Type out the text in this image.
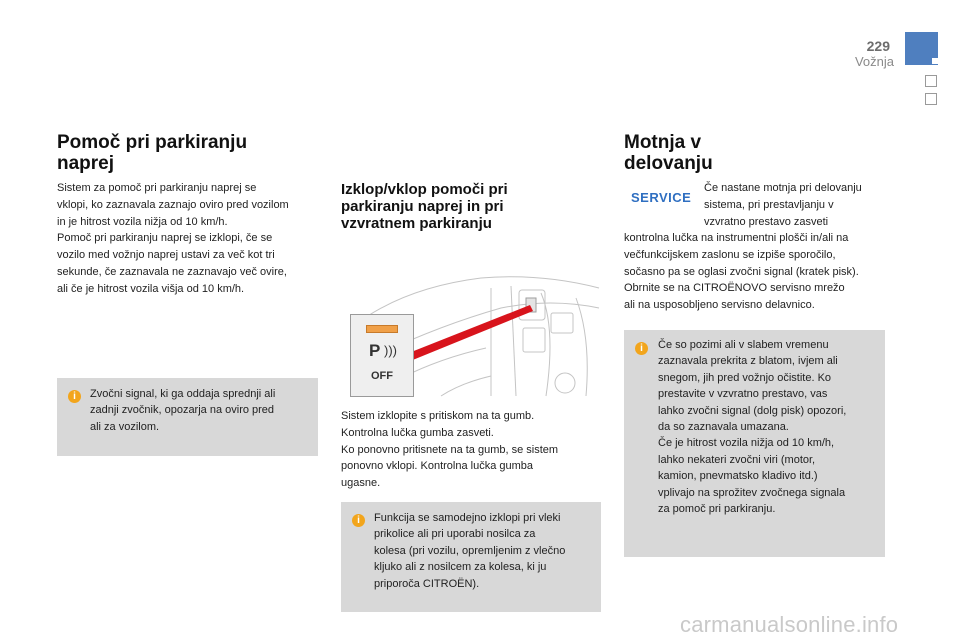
229
Vožnja
Pomoč pri parkiranju
naprej
Sistem za pomoč pri parkiranju naprej se
vklopi, ko zaznavala zaznajo oviro pred vozilom
in je hitrost vozila nižja od 10 km/h.
Pomoč pri parkiranju naprej se izklopi, če se
vozilo med vožnjo naprej ustavi za več kot tri
sekunde, če zaznavala ne zaznavajo več ovire,
ali če je hitrost vozila višja od 10 km/h.
i	Zvočni signal, ki ga oddaja sprednji ali
zadnji zvočnik, opozarja na oviro pred
ali za vozilom.
Izklop/vklop pomoči pri
parkiranju naprej in pri
vzvratnem parkiranju
P )))
OFF
Sistem izklopite s pritiskom na ta gumb.
Kontrolna lučka gumba zasveti.
Ko ponovno pritisnete na ta gumb, se sistem
ponovno vklopi. Kontrolna lučka gumba
ugasne.
i	Funkcija se samodejno izklopi pri vleki
prikolice ali pri uporabi nosilca za
kolesa (pri vozilu, opremljenim z vlečno
kljuko ali z nosilcem za kolesa, ki ju
priporoča CITROËN).
Motnja v
delovanju
SERVICE
Če nastane motnja pri delovanju
sistema, pri prestavljanju v
vzvratno prestavo zasveti
kontrolna lučka na instrumentni plošči in/ali na
večfunkcijskem zaslonu se izpiše sporočilo,
sočasno pa se oglasi zvočni signal (kratek pisk).
Obrnite se na CITROËNOVO servisno mrežo
ali na usposobljeno servisno delavnico.
i	Če so pozimi ali v slabem vremenu
zaznavala prekrita z blatom, ivjem ali
snegom, jih pred vožnjo očistite. Ko
prestavite v vzvratno prestavo, vas
lahko zvočni signal (dolg pisk) opozori,
da so zaznavala umazana.
Če je hitrost vozila nižja od 10 km/h,
lahko nekateri zvočni viri (motor,
kamion, pnevmatsko kladivo itd.)
vplivajo na sprožitev zvočnega signala
za pomoč pri parkiranju.
carmanualsonline.info
